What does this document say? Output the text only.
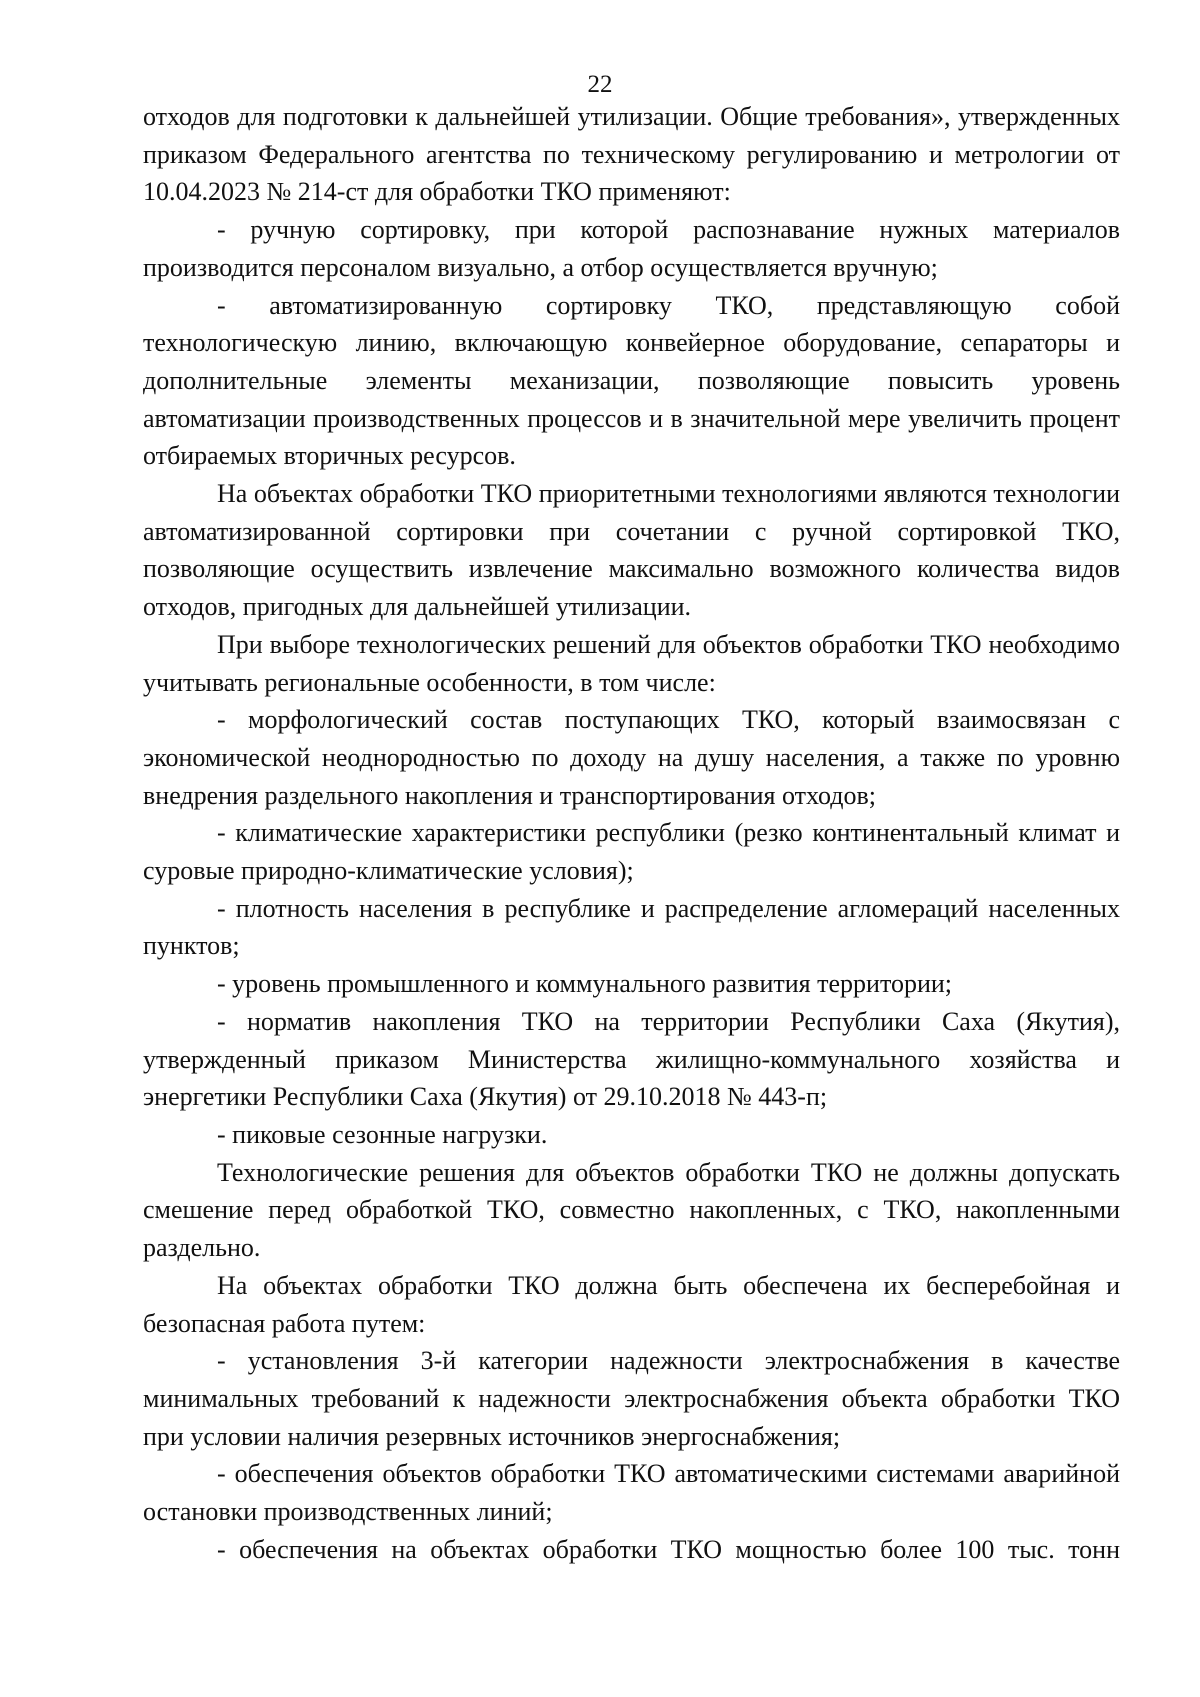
22

отходов для подготовки к дальнейшей утилизации. Общие требования», утвержденных приказом Федерального агентства по техническому регулированию и метрологии от 10.04.2023 № 214-ст для обработки ТКО применяют:

- ручную сортировку, при которой распознавание нужных материалов производится персоналом визуально, а отбор осуществляется вручную;

- автоматизированную сортировку ТКО, представляющую собой технологическую линию, включающую конвейерное оборудование, сепараторы и дополнительные элементы механизации, позволяющие повысить уровень автоматизации производственных процессов и в значительной мере увеличить процент отбираемых вторичных ресурсов.

На объектах обработки ТКО приоритетными технологиями являются технологии автоматизированной сортировки при сочетании с ручной сортировкой ТКО, позволяющие осуществить извлечение максимально возможного количества видов отходов, пригодных для дальнейшей утилизации.

При выборе технологических решений для объектов обработки ТКО необходимо учитывать региональные особенности, в том числе:

- морфологический состав поступающих ТКО, который взаимосвязан с экономической неоднородностью по доходу на душу населения, а также по уровню внедрения раздельного накопления и транспортирования отходов;

- климатические характеристики республики (резко континентальный климат и суровые природно-климатические условия);

- плотность населения в республике и распределение агломераций населенных пунктов;

- уровень промышленного и коммунального развития территории;

- норматив накопления ТКО на территории Республики Саха (Якутия), утвержденный приказом Министерства жилищно-коммунального хозяйства и энергетики Республики Саха (Якутия) от 29.10.2018 № 443-п;

- пиковые сезонные нагрузки.

Технологические решения для объектов обработки ТКО не должны допускать смешение перед обработкой ТКО, совместно накопленных, с ТКО, накопленными раздельно.

На объектах обработки ТКО должна быть обеспечена их бесперебойная и безопасная работа путем:

- установления 3-й категории надежности электроснабжения в качестве минимальных требований к надежности электроснабжения объекта обработки ТКО при условии наличия резервных источников энергоснабжения;

- обеспечения объектов обработки ТКО автоматическими системами аварийной остановки производственных линий;

- обеспечения на объектах обработки ТКО мощностью более 100 тыс. тонн
